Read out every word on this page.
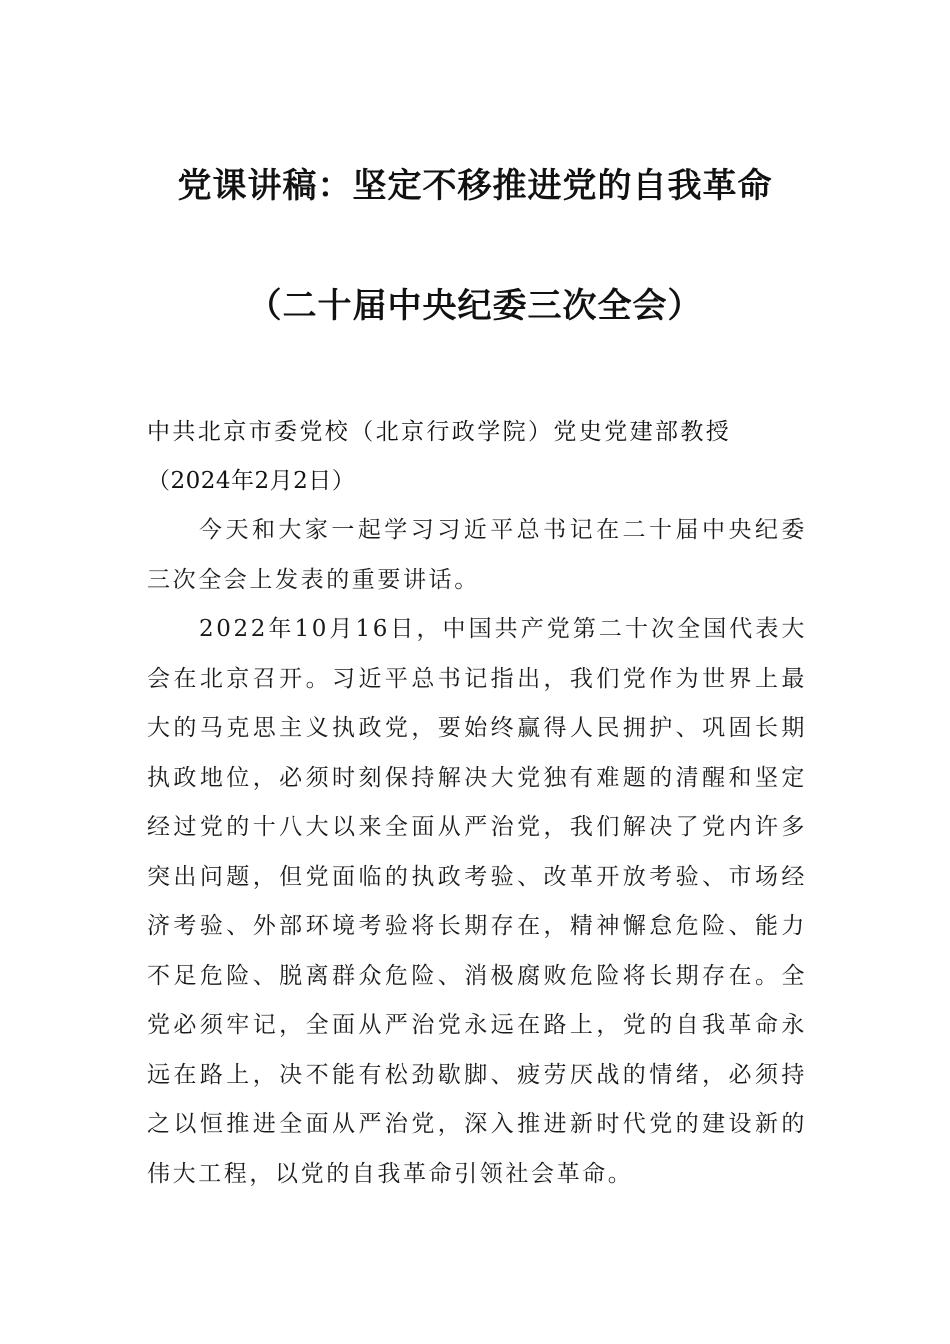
党课讲稿：坚定不移推进党的自我革命
（二十届中央纪委三次全会）
中共北京市委党校（北京行政学院）党史党建部教授
（2024年2月2日）

今天和大家一起学习习近平总书记在二十届中央纪委三次全会上发表的重要讲话。

2022年10月16日，中国共产党第二十次全国代表大会在北京召开。习近平总书记指出，我们党作为世界上最大的马克思主义执政党，要始终赢得人民拥护、巩固长期执政地位，必须时刻保持解决大党独有难题的清醒和坚定经过党的十八大以来全面从严治党，我们解决了党内许多突出问题，但党面临的执政考验、改革开放考验、市场经济考验、外部环境考验将长期存在，精神懈怠危险、能力不足危险、脱离群众危险、消极腐败危险将长期存在。全党必须牢记，全面从严治党永远在路上，党的自我革命永远在路上，决不能有松劲歇脚、疲劳厌战的情绪，必须持之以恒推进全面从严治党，深入推进新时代党的建设新的伟大工程，以党的自我革命引领社会革命。
